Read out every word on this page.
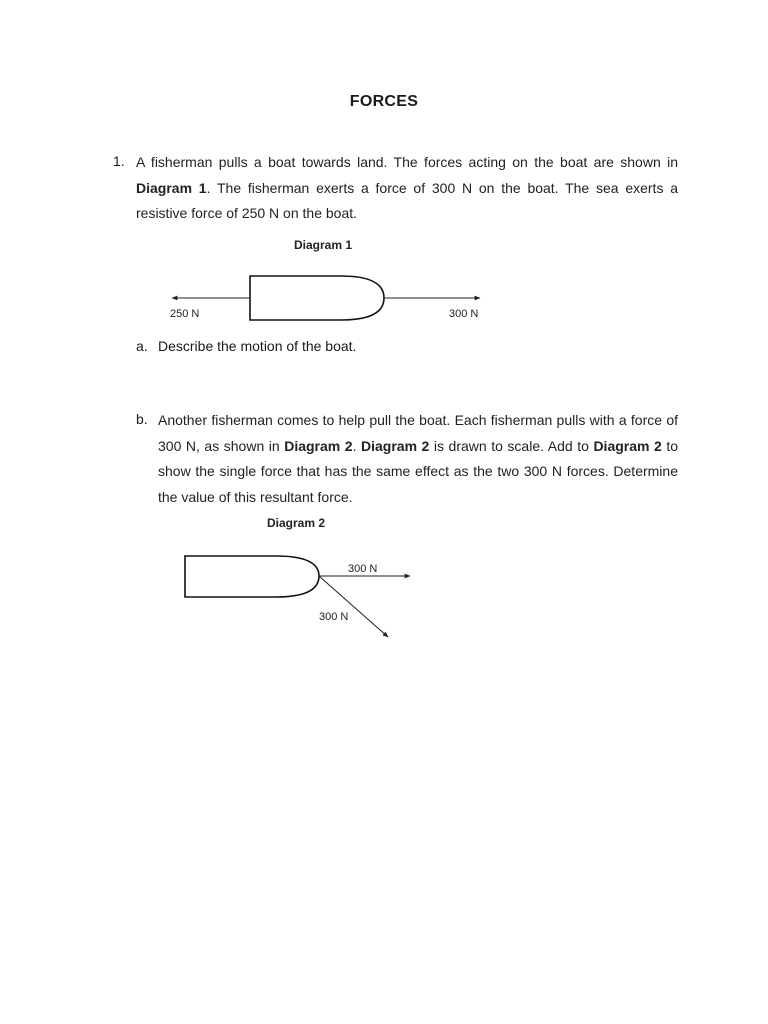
FORCES
1. A fisherman pulls a boat towards land. The forces acting on the boat are shown in Diagram 1. The fisherman exerts a force of 300 N on the boat. The sea exerts a resistive force of 250 N on the boat.
Diagram 1
250 N	300 N
300 N
300 N
a. Describe the motion of the boat.
b. Another fisherman comes to help pull the boat. Each fisherman pulls with a force of 300 N, as shown in Diagram 2. Diagram 2 is drawn to scale. Add to Diagram 2 to show the single force that has the same effect as the two 300 N forces. Determine the value of this resultant force.
Diagram 2
